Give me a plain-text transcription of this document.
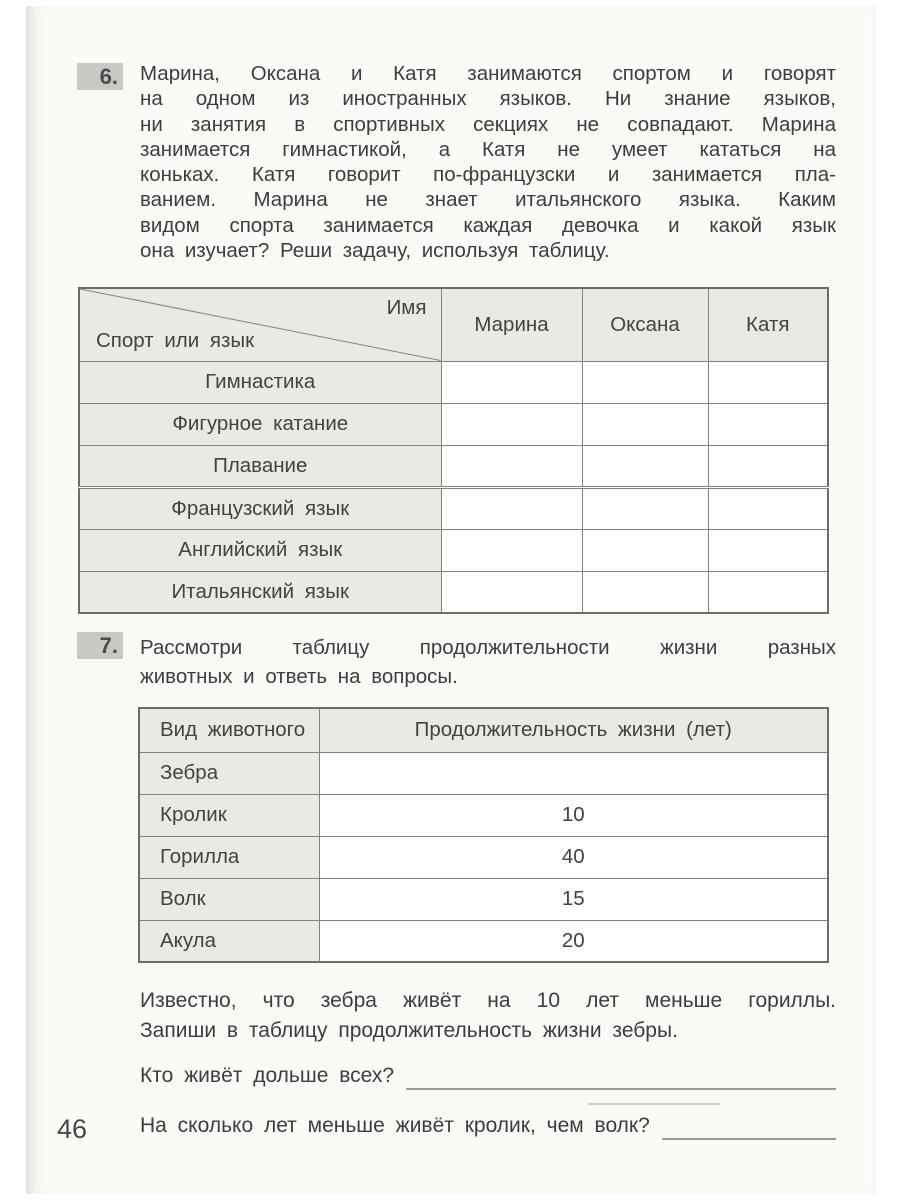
6. Марина, Оксана и Катя занимаются спортом и говорят
на одном из иностранных языков. Ни знание языков,
ни занятия в спортивных секциях не совпадают. Марина
занимается гимнастикой, а Катя не умеет кататься на
коньках. Катя говорит по-французски и занимается пла-
ванием. Марина не знает итальянского языка. Каким
видом спорта занимается каждая девочка и какой язык
она изучает? Реши задачу, используя таблицу.
Имя
Спорт или язык	Марина	Оксана	Катя
Гимнастика			
Фигурное катание			
Плавание			
Французский язык			
Английский язык			
Итальянский язык			
7. Рассмотри таблицу продолжительности жизни разных
животных и ответь на вопросы.
Вид животного	Продолжительность жизни (лет)
Зебра	
Кролик	10
Горилла	40
Волк	15
Акула	20
Известно, что зебра живёт на 10 лет меньше гориллы.
Запиши в таблицу продолжительность жизни зебры.
Кто живёт дольше всех?
На сколько лет меньше живёт кролик, чем волк?
46
